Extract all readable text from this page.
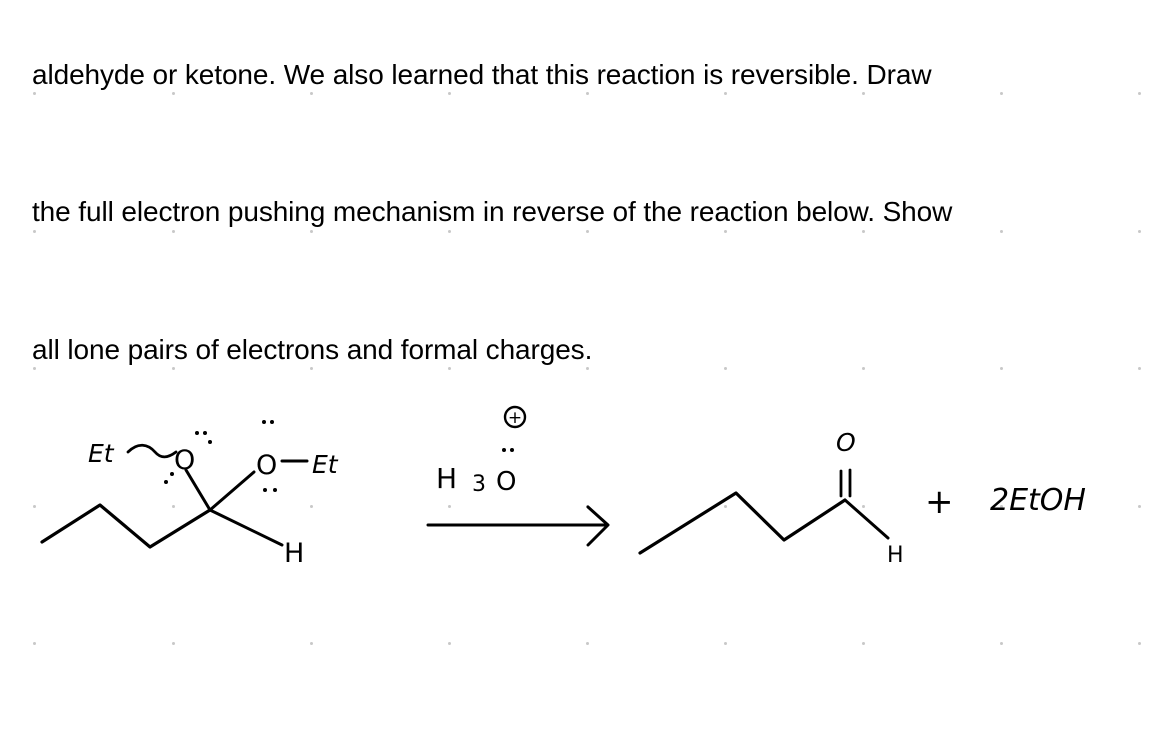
aldehyde or ketone. We also learned that this reaction is reversible. Draw
the full electron pushing mechanism in reverse of the reaction below. Show
all lone pairs of electrons and formal charges.
Et O O Et
H
+
H 3 O
O
H
+ 2EtOH
